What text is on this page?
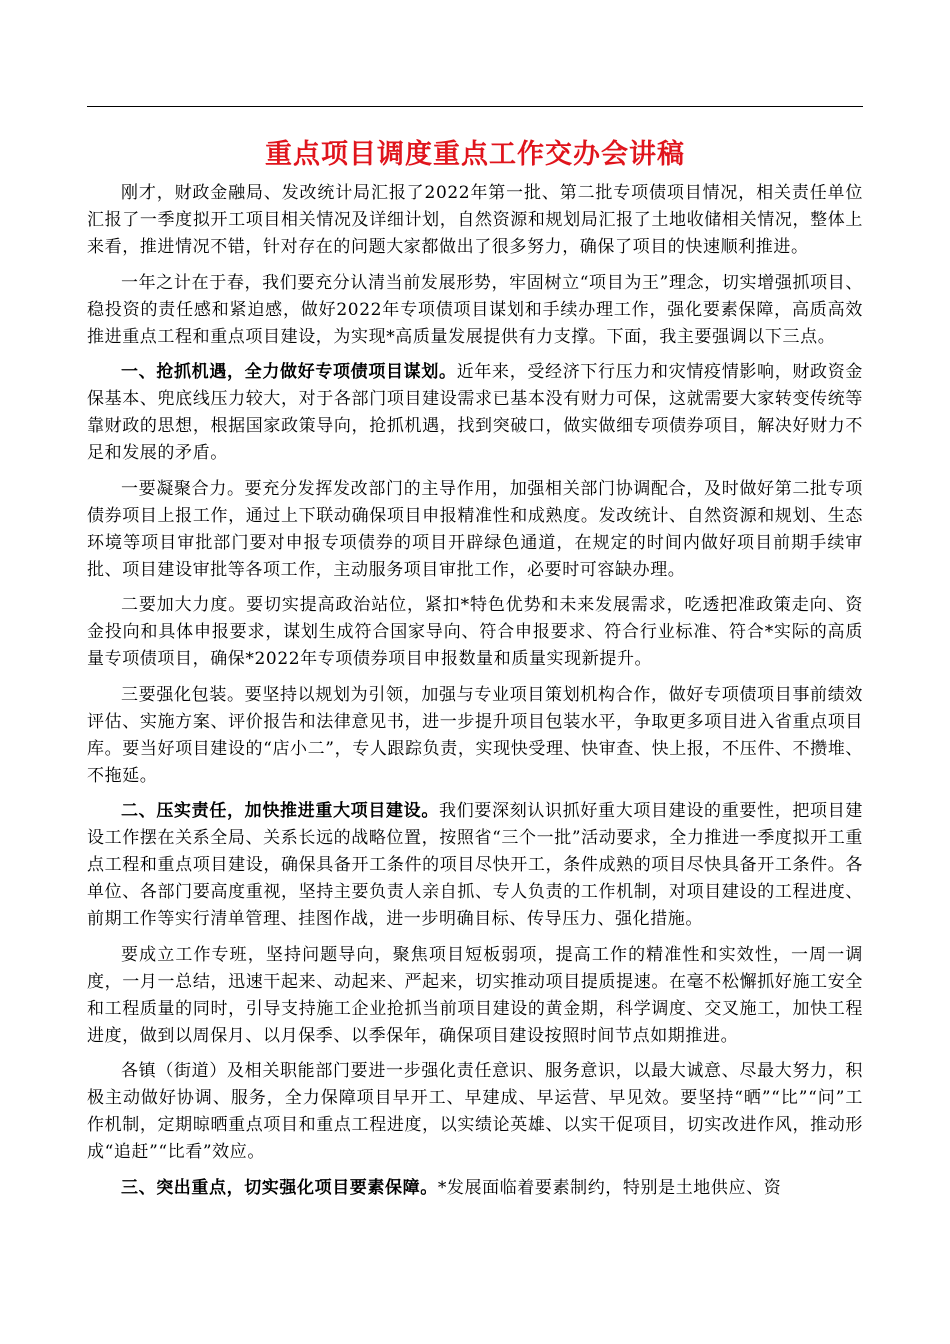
重点项目调度重点工作交办会讲稿

刚才，财政金融局、发改统计局汇报了2022年第一批、第二批专项债项目情况，相关责任单位汇报了一季度拟开工项目相关情况及详细计划，自然资源和规划局汇报了土地收储相关情况，整体上来看，推进情况不错，针对存在的问题大家都做出了很多努力，确保了项目的快速顺利推进。

一年之计在于春，我们要充分认清当前发展形势，牢固树立“项目为王”理念，切实增强抓项目、稳投资的责任感和紧迫感，做好2022年专项债项目谋划和手续办理工作，强化要素保障，高质高效推进重点工程和重点项目建设，为实现*高质量发展提供有力支撑。下面，我主要强调以下三点。

一、抢抓机遇，全力做好专项债项目谋划。近年来，受经济下行压力和灾情疫情影响，财政资金保基本、兜底线压力较大，对于各部门项目建设需求已基本没有财力可保，这就需要大家转变传统等靠财政的思想，根据国家政策导向，抢抓机遇，找到突破口，做实做细专项债券项目，解决好财力不足和发展的矛盾。

一要凝聚合力。要充分发挥发改部门的主导作用，加强相关部门协调配合，及时做好第二批专项债券项目上报工作，通过上下联动确保项目申报精准性和成熟度。发改统计、自然资源和规划、生态环境等项目审批部门要对申报专项债券的项目开辟绿色通道，在规定的时间内做好项目前期手续审批、项目建设审批等各项工作，主动服务项目审批工作，必要时可容缺办理。

二要加大力度。要切实提高政治站位，紧扣*特色优势和未来发展需求，吃透把准政策走向、资金投向和具体申报要求，谋划生成符合国家导向、符合申报要求、符合行业标准、符合*实际的高质量专项债项目，确保*2022年专项债券项目申报数量和质量实现新提升。

三要强化包装。要坚持以规划为引领，加强与专业项目策划机构合作，做好专项债项目事前绩效评估、实施方案、评价报告和法律意见书，进一步提升项目包装水平，争取更多项目进入省重点项目库。要当好项目建设的“店小二”，专人跟踪负责，实现快受理、快审查、快上报，不压件、不攒堆、不拖延。

二、压实责任，加快推进重大项目建设。我们要深刻认识抓好重大项目建设的重要性，把项目建设工作摆在关系全局、关系长远的战略位置，按照省“三个一批”活动要求，全力推进一季度拟开工重点工程和重点项目建设，确保具备开工条件的项目尽快开工，条件成熟的项目尽快具备开工条件。各单位、各部门要高度重视，坚持主要负责人亲自抓、专人负责的工作机制，对项目建设的工程进度、前期工作等实行清单管理、挂图作战，进一步明确目标、传导压力、强化措施。

要成立工作专班，坚持问题导向，聚焦项目短板弱项，提高工作的精准性和实效性，一周一调度，一月一总结，迅速干起来、动起来、严起来，切实推动项目提质提速。在毫不松懈抓好施工安全和工程质量的同时，引导支持施工企业抢抓当前项目建设的黄金期，科学调度、交叉施工，加快工程进度，做到以周保月、以月保季、以季保年，确保项目建设按照时间节点如期推进。

各镇（街道）及相关职能部门要进一步强化责任意识、服务意识，以最大诚意、尽最大努力，积极主动做好协调、服务，全力保障项目早开工、早建成、早运营、早见效。要坚持“晒”“比”“问”工作机制，定期晾晒重点项目和重点工程进度，以实绩论英雄、以实干促项目，切实改进作风，推动形成“追赶”“比看”效应。

三、突出重点，切实强化项目要素保障。*发展面临着要素制约，特别是土地供应、资
